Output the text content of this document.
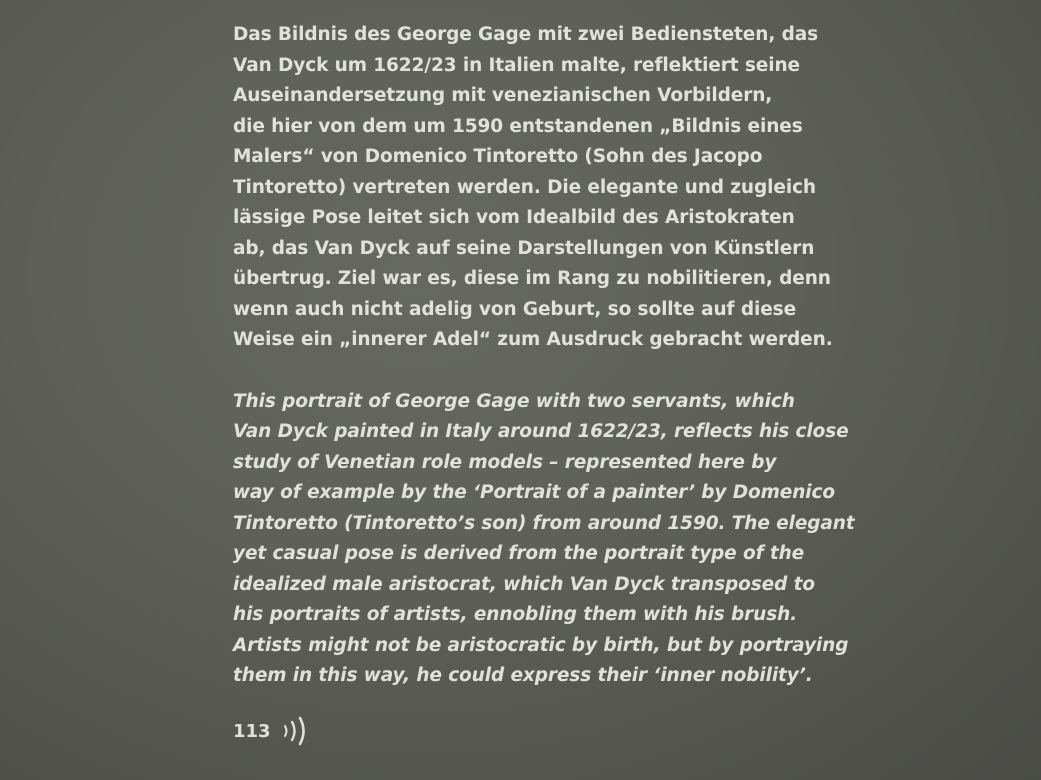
Das Bildnis des George Gage mit zwei Bediensteten, das
Van Dyck um 1622/23 in Italien malte, reflektiert seine
Auseinandersetzung mit venezianischen Vorbildern,
die hier von dem um 1590 entstandenen „Bildnis eines
Malers“ von Domenico Tintoretto (Sohn des Jacopo
Tintoretto) vertreten werden. Die elegante und zugleich
lässige Pose leitet sich vom Idealbild des Aristokraten
ab, das Van Dyck auf seine Darstellungen von Künstlern
übertrug. Ziel war es, diese im Rang zu nobilitieren, denn
wenn auch nicht adelig von Geburt, so sollte auf diese
Weise ein „innerer Adel“ zum Ausdruck gebracht werden.

This portrait of George Gage with two servants, which
Van Dyck painted in Italy around 1622/23, reflects his close
study of Venetian role models – represented here by
way of example by the ‘Portrait of a painter’ by Domenico
Tintoretto (Tintoretto’s son) from around 1590. The elegant
yet casual pose is derived from the portrait type of the
idealized male aristocrat, which Van Dyck transposed to
his portraits of artists, ennobling them with his brush.
Artists might not be aristocratic by birth, but by portraying
them in this way, he could express their ‘inner nobility’.

113
